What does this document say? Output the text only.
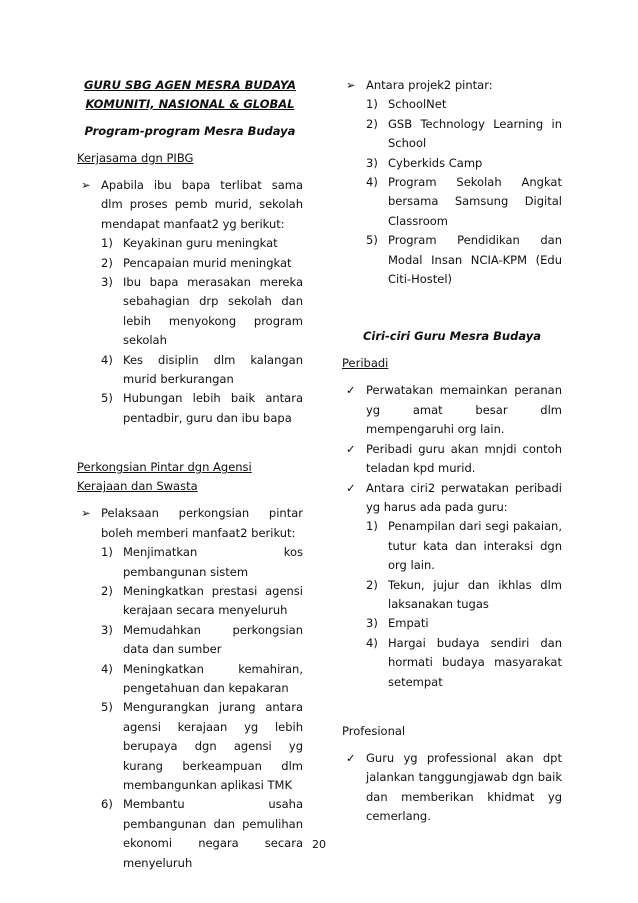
GURU SBG AGEN MESRA BUDAYA

KOMUNITI, NASIONAL & GLOBAL

Program-program Mesra Budaya

Kerjasama dgn PIBG

➢ Apabila ibu bapa terlibat sama dlm proses pemb murid, sekolah mendapat manfaat2 yg berikut:
1) Keyakinan guru meningkat
2) Pencapaian murid meningkat
3) Ibu bapa merasakan mereka sebahagian drp sekolah dan lebih menyokong program sekolah
4) Kes disiplin dlm kalangan murid berkurangan
5) Hubungan lebih baik antara pentadbir, guru dan ibu bapa

Perkongsian Pintar dgn Agensi Kerajaan dan Swasta

➢ Pelaksaan perkongsian pintar boleh memberi manfaat2 berikut:
1) Menjimatkan kos pembangunan sistem
2) Meningkatkan prestasi agensi kerajaan secara menyeluruh
3) Memudahkan perkongsian data dan sumber
4) Meningkatkan kemahiran, pengetahuan dan kepakaran
5) Mengurangkan jurang antara agensi kerajaan yg lebih berupaya dgn agensi yg kurang berkeampuan dlm membangunkan aplikasi TMK
6) Membantu usaha pembangunan dan pemulihan ekonomi negara secara menyeluruh
➢ Antara projek2 pintar:
1) SchoolNet
2) GSB Technology Learning in School
3) Cyberkids Camp
4) Program Sekolah Angkat bersama Samsung Digital Classroom
5) Program Pendidikan dan Modal Insan NCIA-KPM (Edu Citi-Hostel)

Ciri-ciri Guru Mesra Budaya

Peribadi

✓ Perwatakan memainkan peranan yg amat besar dlm mempengaruhi org lain.
✓ Peribadi guru akan mnjdi contoh teladan kpd murid.
✓ Antara ciri2 perwatakan peribadi yg harus ada pada guru:
1) Penampilan dari segi pakaian, tutur kata dan interaksi dgn org lain.
2) Tekun, jujur dan ikhlas dlm laksanakan tugas
3) Empati
4) Hargai budaya sendiri dan hormati budaya masyarakat setempat

Profesional

✓ Guru yg professional akan dpt jalankan tanggungjawab dgn baik dan memberikan khidmat yg cemerlang.
20
